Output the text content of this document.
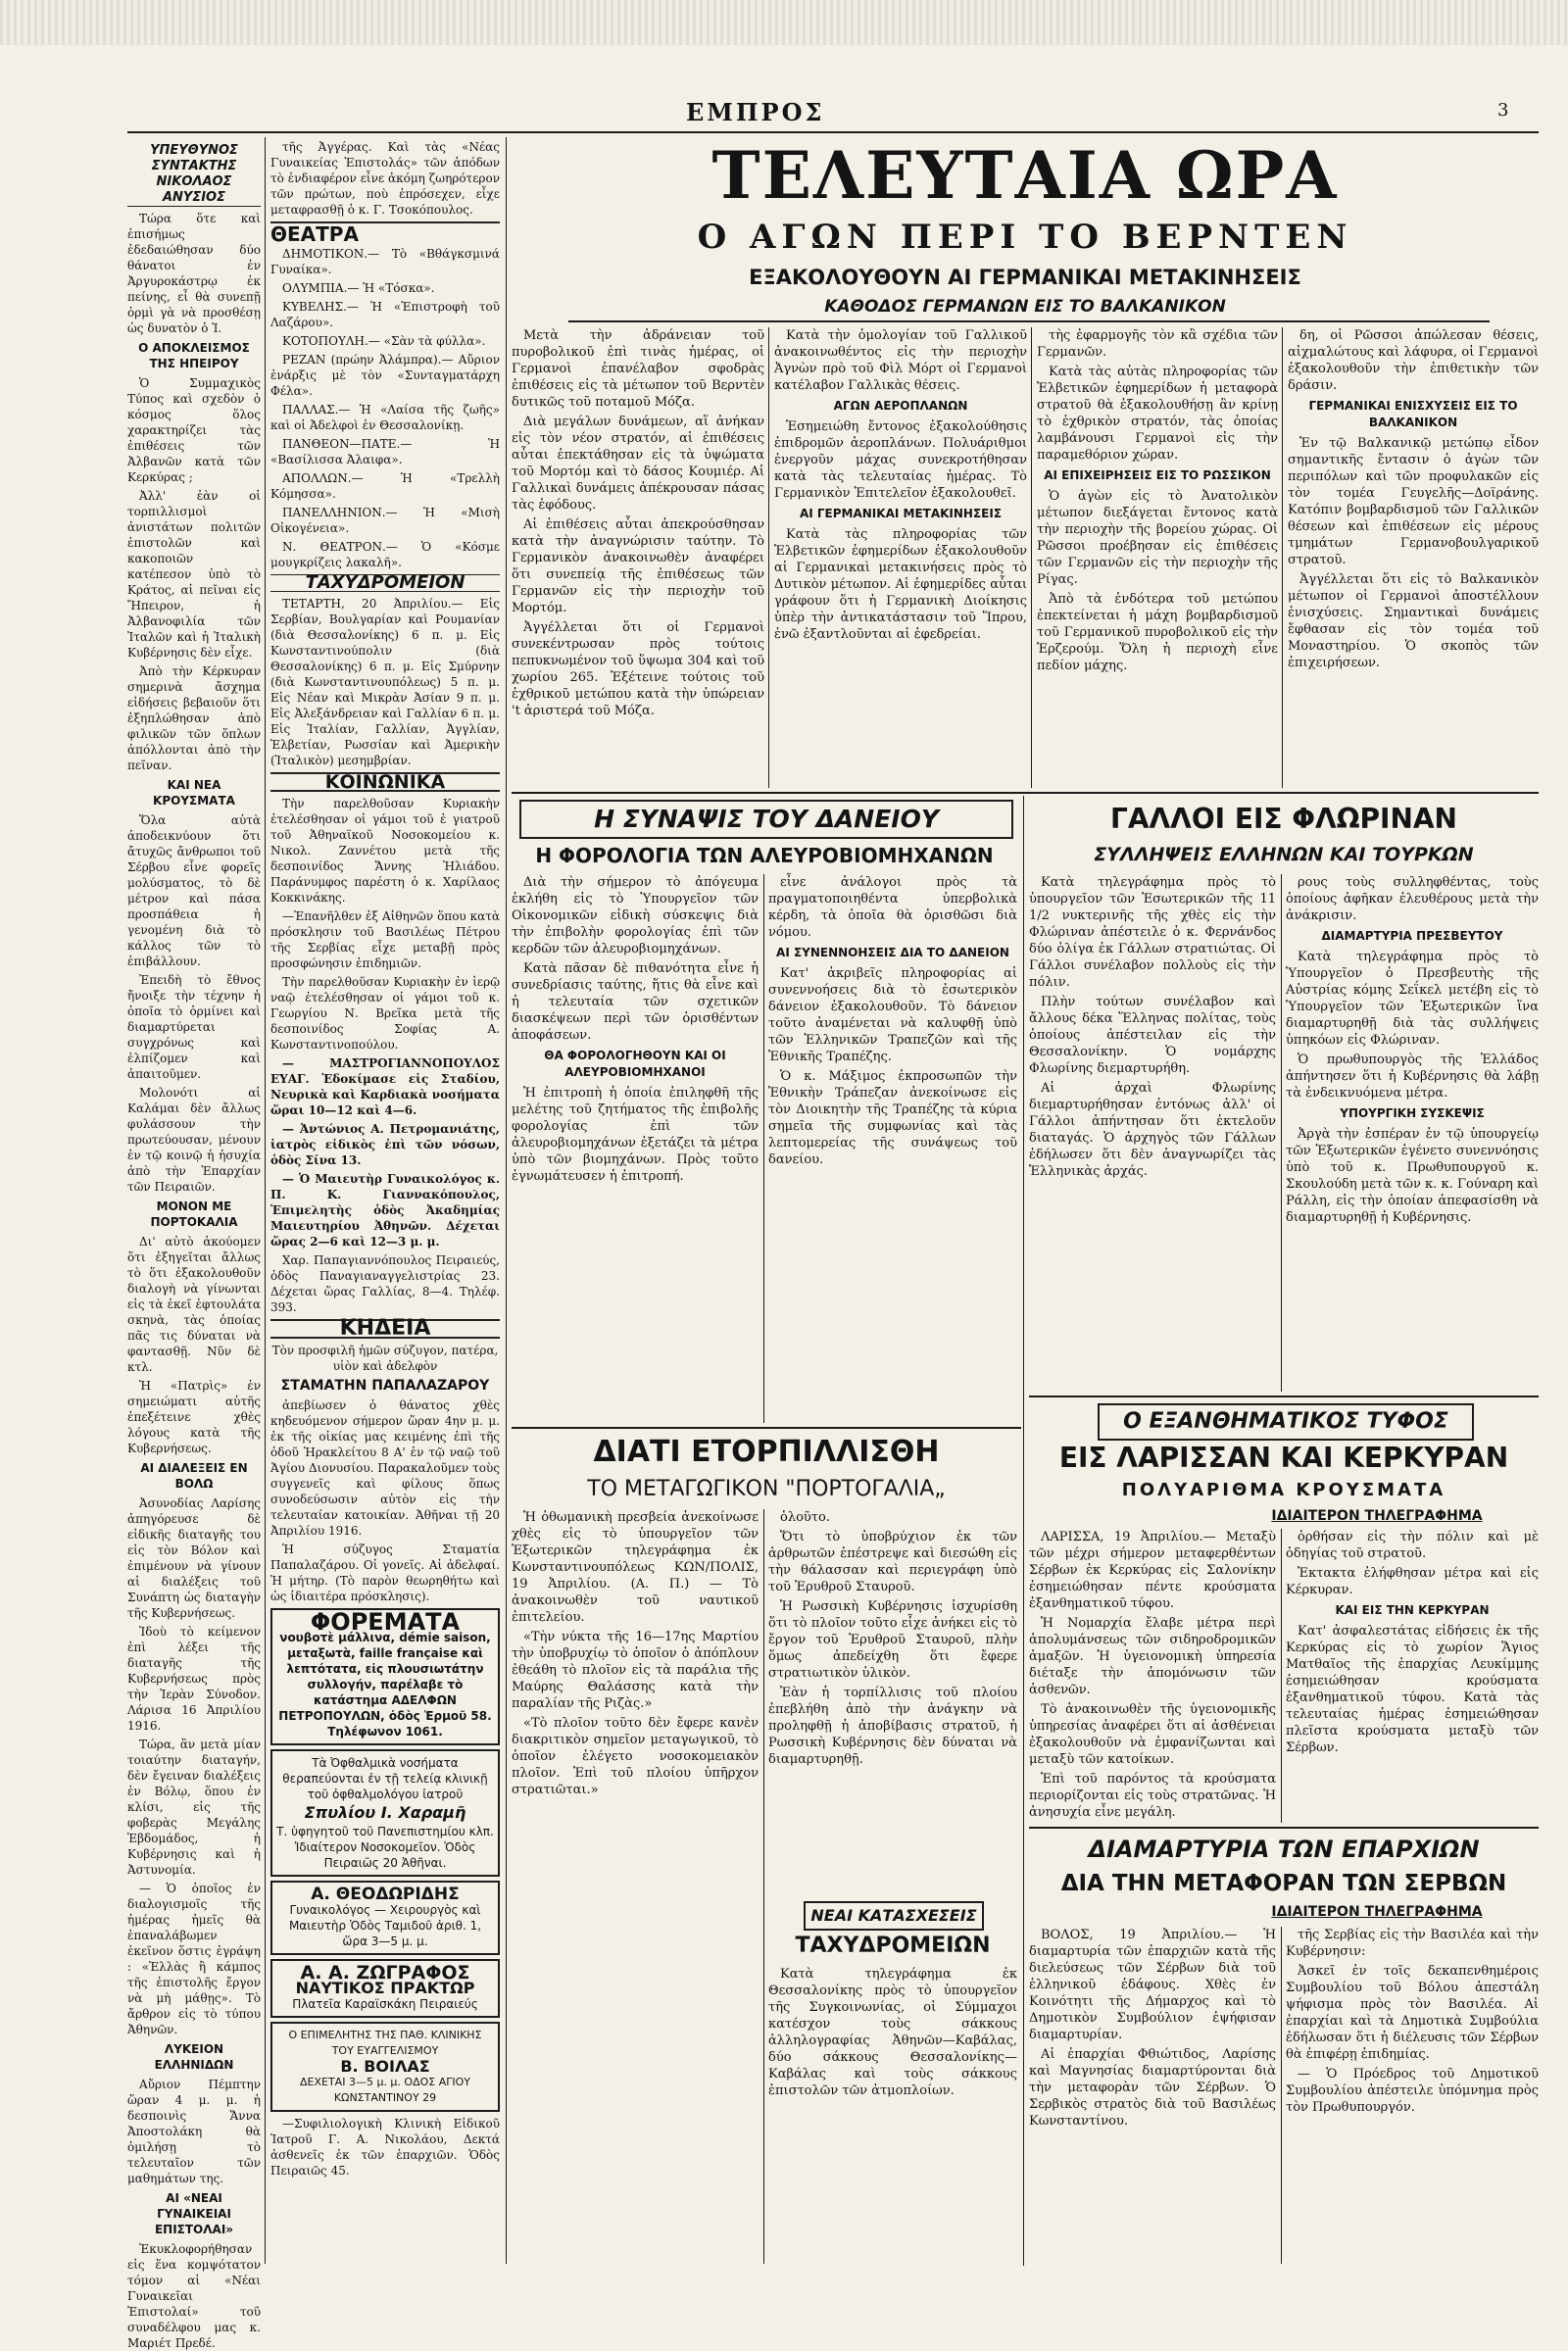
ΕΜΠΡΟΣ	3
ΥΠΕΥΘΥΝΟΣ ΣΥΝΤΑΚΤΗΣ ΝΙΚΟΛΑΟΣ ΑΝΥΣΙΟΣ

Τώρα ὅτε καὶ ἐπισήμως ἐδεδαιώθησαν δύο θάνατοι ἐν Ἀργυροκάστρῳ ἐκ πείνης, εἶ θὰ συνεπῇ ὁρμὶ γὰ νὰ προσθέσῃ ὡς δυνατὸν ὁ Ἰ.

Ο ΑΠΟΚΛΕΙΣΜΟΣ ΤΗΣ ΗΠΕΙΡΟΥ

Ὁ Συμμαχικὸς Τύπος καὶ σχεδὸν ὁ κόσμος ὅλος χαρακτηρίζει τὰς ἐπιθέσεις τῶν Ἀλβανῶν κατὰ τῶν Κερκύρας ;

Ἀλλ' ἐὰν οἱ τορπιλλισμοὶ ἀνιστάτων πολιτῶν ἐπιστολῶν καὶ κακοποιῶν κατέπεσον ὑπὸ τὸ Κράτος, αἱ πεῖναι εἰς Ἤπειρον, ἡ Ἀλβανοφιλία τῶν Ἰταλῶν καὶ ἡ Ἰταλικὴ Κυβέρνησις δὲν εἶχε.

Ἀπὸ τὴν Κέρκυραν σημερινὰ ἄσχημα εἰδήσεις βεβαιοῦν ὅτι ἐξηπλώθησαν ἀπὸ φιλικῶν τῶν ὅπλων ἀπόλλονται ἀπὸ τὴν πεῖναν.

ΚΑΙ ΝΕΑ ΚΡΟΥΣΜΑΤΑ

Ὅλα αὐτὰ ἀποδεικνύουν ὅτι ἄτυχῶς ἄνθρωποι τοῦ Σέρβου εἶνε φορεῖς μολύσματος, τὸ δὲ μέτρον καὶ πάσα προσπάθεια ἡ γενομένη διὰ τὸ κάλλος τῶν τὸ ἐπιβάλλουν.

Ἐπειδὴ τὸ ἔθνος ἤνοιξε τὴν τέχνην ἡ ὁποῖα τὸ ὁρμίνει καὶ διαμαρτύρεται συγχρόνως καὶ ἐλπίζομεν καὶ ἀπαιτοῦμεν.

Μολονότι αἱ Καλάμαι δὲν ἄλλως φυλάσσουν τὴν πρωτεύουσαν, μένουν ἐν τῷ κοινῷ ἡ ἡσυχία ἀπὸ τὴν Ἐπαρχίαν τῶν Πειραιῶν.

ΜΟΝΟΝ ΜΕ ΠΟΡΤΟΚΑΛΙΑ

Δι' αὐτὸ ἀκούομεν ὅτι ἐξηγεῖται ἄλλως τὸ ὅτι ἐξακολουθοῦν διαλογὴ νὰ γίνωνται εἰς τὰ ἐκεῖ ἐφτουλάτα σκηνὰ, τὰς ὁποίας πᾶς τις δύναται νὰ φαντασθῇ. Νῦν δὲ κτλ.

Ἡ «Πατρὶς» ἐν σημειώματι αὐτῆς ἐπεξέτεινε χθὲς λόγους κατὰ τῆς Κυβερνήσεως.

ΑΙ ΔΙΑΛΕΞΕΙΣ ΕΝ ΒΟΛΩ

Ἀσυνοδίας Λαρίσης ἀπηγόρευσε δὲ εἰδικῆς διαταγῆς του εἰς τὸν Βόλον καὶ ἐπιμένουν νὰ γίνουν αἱ διαλέξεις τοῦ Συνάπτη ὡς διαταγὴν τῆς Κυβερνήσεως.

Ἰδοὺ τὸ κείμενον ἐπὶ λέξει τῆς διαταγῆς τῆς Κυβερνήσεως πρὸς τὴν Ἱερὰν Σύνοδον. Λάρισα 16 Ἀπριλίου 1916.

Τώρα, ἂν μετὰ μίαν τοιαύτην διαταγήν, δὲν ἔγειναν διαλέξεις ἐν Βόλῳ, ὅπου ἐν κλίσι, εἰς τῆς φοβερὰς Μεγάλης Ἑβδομάδος, ἡ Κυβέρνησις καὶ ἡ Ἀστυνομία.

— Ὁ ὁποῖος ἐν διαλογισμοῖς τῆς ἡμέρας ἡμεῖς θὰ ἐπαναλάβωμεν ἐκεῖνον ὅστις ἐγράψη : «Ἑλλὰς ἢ κάμπος τῆς ἐπιστολῆς ἔργον νὰ μὴ μάθῃς». Τὸ ἄρθρον εἰς τὸ τύπου Ἀθηνῶν.

ΛΥΚΕΙΟΝ ΕΛΛΗΝΙΔΩΝ

Αὔριον Πέμπτην ὥραν 4 μ. μ. ἡ δεσποινὶς Ἄννα Ἀποστολάκη θὰ ὁμιλήσῃ τὸ τελευταῖον τῶν μαθημάτων της.

ΑΙ «ΝΕΑΙ ΓΥΝΑΙΚΕΙΑΙ ΕΠΙΣΤΟΛΑΙ»

Ἐκυκλοφορήθησαν εἰς ἕνα κομψότατον τόμον αἱ «Νέαι Γυναικεῖαι Ἐπιστολαί» τοῦ συναδέλφου μας κ. Μαριέτ Πρεδέ.

τῆς Ἀγγέρας. Καὶ τὰς «Νέας Γυναικείας Ἐπιστολάς» τῶν ἀπόδων τὸ ἐνδιαφέρον εἶνε ἀκόμη ζωηρότερον τῶν πρώτων, ποὺ ἐπρόσεχεν, εἶχε μεταφρασθῇ ὁ κ. Γ. Τσοκόπουλος.

ΘΕΑΤΡΑ

ΔΗΜΟΤΙΚΟΝ.— Τὸ «Βθάγκσμινά Γυναίκα».

ΟΛΥΜΠΙΑ.— Ἡ «Τόσκα».

ΚΥΒΕΛΗΣ.— Ἡ «Ἐπιστροφὴ τοῦ Λαζάρου».

ΚΟΤΟΠΟΥΛΗ.— «Σὰν τὰ φύλλα».

ΡΕΖΑΝ (πρώην Ἀλάμπρα).— Αὔριον ἐνάρξις μὲ τὸν «Συνταγματάρχη Φέλα».

ΠΑΛΛΑΣ.— Ἡ «Λαίσα τῆς ζωῆς» καὶ οἱ Ἀδελφοὶ ἐν Θεσσαλονίκῃ.

ΠΑΝΘΕΟΝ—ΠΑΤΕ.— Ἡ «Βασίλισσα Ἀλαιφα».

ΑΠΟΛΛΩΝ.— Ἡ «Τρελλὴ Κόμησσα».

ΠΑΝΕΛΛΗΝΙΟΝ.— Ἡ «Μισὴ Οἰκογένεια».

Ν. ΘΕΑΤΡΟΝ.— Ὁ «Κόσμε μουγκρίζεις λακαλῆ».

ΤΑΧΥΔΡΟΜΕΙΟΝ

ΤΕΤΑΡΤΗ, 20 Ἀπριλίου.— Εἰς Σερβίαν, Βουλγαρίαν καὶ Ρουμανίαν (διὰ Θεσσαλονίκης) 6 π. μ. Εἰς Κωνσταντινούπολιν (διὰ Θεσσαλονίκης) 6 π. μ. Εἰς Σμύρνην (διὰ Κωνσταντινουπόλεως) 5 π. μ. Εἰς Νέαν καὶ Μικρὰν Ἀσίαν 9 π. μ. Εἰς Ἀλεξάνδρειαν καὶ Γαλλίαν 6 π. μ. Εἰς Ἰταλίαν, Γαλλίαν, Ἀγγλίαν, Ἑλβετίαν, Ρωσσίαν καὶ Ἀμερικὴν (Ἰταλικὸν) μεσημβρίαν.

ΚΟΙΝΩΝΙΚΑ

Τὴν παρελθοῦσαν Κυριακὴν ἐτελέσθησαν οἱ γάμοι τοῦ ἐ γιατροῦ τοῦ Ἀθηναϊκοῦ Νοσοκομείου κ. Νικολ. Ζαννέτου μετὰ τῆς δεσποινίδος Ἄννης Ἠλιάδου. Παράνυμφος παρέστη ὁ κ. Χαρίλαος Κοκκινάκης.

—Ἐπανῆλθεν ἐξ Αἰθηνῶν ὅπου κατὰ πρόσκλησιν τοῦ Βασιλέως Πέτρου τῆς Σερβίας εἶχε μεταβῇ πρὸς προσφώνησιν ἐπιδημιῶν.

Τὴν παρελθοῦσαν Κυριακὴν ἐν ἱερῷ ναῷ ἐτελέσθησαν οἱ γάμοι τοῦ κ. Γεωργίου Ν. Βρεῖκα μετὰ τῆς δεσποινίδος Σοφίας Α. Κωνσταντινοπούλου.

— ΜΑΣΤΡΟΓΙΑΝΝΟΠΟΥΛΟΣ ΕΥΑΓ. Ἑδοκίμασε εἰς Σταδίου, Νευρικὰ καὶ Καρδιακὰ νοσήματα ὥραι 10—12 καὶ 4—6.

— Ἀντώνιος Α. Πετρομανιάτης, ἰατρὸς εἰδικὸς ἐπὶ τῶν νόσων, ὁδὸς Σίνα 13.

— Ὁ Μαιευτὴρ Γυναικολόγος κ. Π. Κ. Γιαννακόπουλος, Ἐπιμελητὴς ὁδὸς Ἀκαδημίας Μαιευτηρίου Ἀθηνῶν. Δέχεται ὥρας 2—6 καὶ 12—3 μ. μ.

Χαρ. Παπαγιαννόπουλος Πειραιεύς, ὁδὸς Παναγιαναγγελιστρίας 23. Δέχεται ὥρας Γαλλίας, 8—4. Τηλέφ. 393.

ΚΗΔΕΙΑ

Τὸν προσφιλῆ ἡμῶν σύζυγον, πατέρα, υἱὸν καὶ ἀδελφὸν

ΣΤΑΜΑΤΗΝ ΠΑΠΑΛΑΖΑΡΟΥ

ἀπεβίωσεν ὁ θάνατος χθὲς κηδευόμενον σήμερον ὥραν 4ην μ. μ. ἐκ τῆς οἰκίας μας κειμένης ἐπὶ τῆς ὁδοῦ Ἡρακλείτου 8 Α' ἐν τῷ ναῷ τοῦ Ἁγίου Διονυσίου. Παρακαλοῦμεν τοὺς συγγενεῖς καὶ φίλους ὅπως συνοδεύσωσιν αὐτὸν εἰς τὴν τελευταίαν κατοικίαν. Ἀθῆναι τῇ 20 Ἀπριλίου 1916.

Ἡ σύζυγος Σταματία Παπαλαζάρου. Οἱ γονεῖς. Αἱ ἀδελφαί. Ἡ μήτηρ. (Τὸ παρὸν θεωρηθήτω καὶ ὡς ἰδιαιτέρα πρόσκλησις).

ΦΟΡΕΜΑΤΑ
νουβοτὲ μάλλινα, démie saison, μεταξωτὰ, faille française καὶ λεπτότατα, εἰς πλουσιωτάτην συλλογήν, παρέλαβε τὸ κατάστημα ΑΔΕΛΦΩΝ ΠΕΤΡΟΠΟΥΛΩΝ, ὁδὸς Ἑρμοῦ 58. Τηλέφωνον 1061.
Τὰ Ὀφθαλμικὰ νοσήματα θεραπεύονται ἐν τῇ τελείᾳ κλινικῇ τοῦ ὀφθαλμολόγου ἰατροῦ
Σπυλίου Ι. Χαραμῆ
Τ. ὑφηγητοῦ τοῦ Πανεπιστημίου κλπ. Ἰδιαίτερον Νοσοκομεῖον. Ὁδὸς Πειραιῶς 20 Ἀθῆναι.
Α. ΘΕΟΔΩΡΙΔΗΣ
Γυναικολόγος — Χειρουργὸς καὶ Μαιευτὴρ Ὁδὸς Ταμιδοῦ ἀριθ. 1, ὥρα 3—5 μ. μ.
Α. Α. ΖΩΓΡΑΦΟΣ
ΝΑΥΤΙΚΟΣ ΠΡΑΚΤΩΡ
Πλατεῖα Καραϊσκάκη Πειραιεύς
Ο ΕΠΙΜΕΛΗΤΗΣ ΤΗΣ ΠΑΘ. ΚΛΙΝΙΚΗΣ ΤΟΥ ΕΥΑΓΓΕΛΙΣΜΟΥ
Β. ΒΟΙΛΑΣ
ΔΕΧΕΤΑΙ 3—5 μ. μ. ΟΔΟΣ ΑΓΙΟΥ ΚΩΝΣΤΑΝΤΙΝΟΥ 29

—Συφιλιολογικὴ Κλινικὴ Εἰδικοῦ Ἰατροῦ Γ. Α. Νικολάου, Δεκτά ἀσθενεῖς ἐκ τῶν ἐπαρχιῶν. Ὁδὸς Πειραιῶς 45.

ΤΕΛΕΥΤΑΙΑ ΩΡΑ
Ο ΑΓΩΝ ΠΕΡΙ ΤΟ ΒΕΡΝΤΕΝ
ΕΞΑΚΟΛΟΥΘΟΥΝ ΑΙ ΓΕΡΜΑΝΙΚΑΙ ΜΕΤΑΚΙΝΗΣΕΙΣ
ΚΑΘΟΔΟΣ ΓΕΡΜΑΝΩΝ ΕΙΣ ΤΟ ΒΑΛΚΑΝΙΚΟΝ

Μετὰ τὴν ἀδράνειαν τοῦ πυροβολικοῦ ἐπὶ τινὰς ἡμέρας, οἱ Γερμανοὶ ἐπανέλαβον σφοδρὰς ἐπιθέσεις εἰς τὰ μέτωπον τοῦ Βερντὲν δυτικῶς τοῦ ποταμοῦ Μόζα.

Διὰ μεγάλων δυνάμεων, αἵ ἀνήκαν εἰς τὸν νέον στρατόν, αἱ ἐπιθέσεις αὗται ἐπεκτάθησαν εἰς τὰ ὑψώματα τοῦ Μορτόμ καὶ τὸ δάσος Κουμιέρ. Αἱ Γαλλικαὶ δυνάμεις ἀπέκρουσαν πάσας τὰς ἐφόδους.

Αἱ ἐπιθέσεις αὗται ἀπεκρούσθησαν κατὰ τὴν ἀναγνώρισιν ταύτην. Τὸ Γερμανικὸν ἀνακοινωθὲν ἀναφέρει ὅτι συνεπείᾳ τῆς ἐπιθέσεως τῶν Γερμανῶν εἰς τὴν περιοχὴν τοῦ Μορτόμ.

Ἀγγέλλεται ὅτι οἱ Γερμανοὶ συνεκέντρωσαν πρὸς τούτοις πεπυκνωμένον τοῦ ὕψωμα 304 καὶ τοῦ χωρίου 265. Ἐξέτεινε τούτοις τοῦ ἐχθρικοῦ μετώπου κατὰ τὴν ὑπώρειαν 't ἀριστερά τοῦ Μόζα.

Κατὰ τὴν ὁμολογίαν τοῦ Γαλλικοῦ ἀνακοινωθέντος εἰς τὴν περιοχὴν Ἀγνὼν πρὸ τοῦ Φὶλ Μόρτ οἱ Γερμανοὶ κατέλαβον Γαλλικὰς θέσεις.

ΑΓΩΝ ΑΕΡΟΠΛΑΝΩΝ

Ἐσημειώθη ἔντονος ἐξακολούθησις ἐπιδρομῶν ἀεροπλάνων. Πολυάριθμοι ἐνεργοῦν μάχας συνεκροτήθησαν κατὰ τὰς τελευταίας ἡμέρας. Τὸ Γερμανικὸν Ἐπιτελεῖον ἐξακολουθεῖ.

ΑΙ ΓΕΡΜΑΝΙΚΑΙ ΜΕΤΑΚΙΝΗΣΕΙΣ

Κατὰ τὰς πληροφορίας τῶν Ἑλβετικῶν ἐφημερίδων ἐξακολουθοῦν αἱ Γερμανικαὶ μετακινήσεις πρὸς τὸ Δυτικὸν μέτωπον. Αἱ ἐφημερίδες αὗται γράφουν ὅτι ἡ Γερμανικὴ Διοίκησις ὑπὲρ τὴν ἀντικατάστασιν τοῦ Ἵπρου, ἐνῶ ἐξαντλοῦνται αἱ ἐφεδρείαι.

τὴς ἐφαρμογῆς τὸν κἂ σχέδια τῶν Γερμανῶν.

Κατὰ τὰς αὐτὰς πληροφορίας τῶν Ἑλβετικῶν ἐφημερίδων ἡ μεταφορὰ στρατοῦ θὰ ἐξακολουθήσῃ ἂν κρίνῃ τὸ ἐχθρικὸν στρατόν, τὰς ὁποίας λαμβάνουσι Γερμανοὶ εἰς τὴν παραμεθόριον χώραν.

ΑΙ ΕΠΙΧΕΙΡΗΣΕΙΣ ΕΙΣ ΤΟ ΡΩΣΣΙΚΟΝ

Ὁ ἀγὼν εἰς τὸ Ἀνατολικὸν μέτωπον διεξάγεται ἔντονος κατὰ τὴν περιοχὴν τῆς βορείου χώρας. Οἱ Ρῶσσοι προέβησαν εἰς ἐπιθέσεις τῶν Γερμανῶν εἰς τὴν περιοχὴν τῆς Ρίγας.

Ἀπὸ τὰ ἐνδότερα τοῦ μετώπου ἐπεκτείνεται ἡ μάχη βομβαρδισμοῦ τοῦ Γερμανικοῦ πυροβολικοῦ εἰς τὴν Ἐρζερούμ. Ὅλη ἡ περιοχὴ εἶνε πεδίον μάχης.

δη, οἱ Ρῶσσοι ἀπώλεσαν θέσεις, αἰχμαλώτους καὶ λάφυρα, οἱ Γερμανοὶ ἐξακολουθοῦν τὴν ἐπιθετικὴν τῶν δράσιν.

ΓΕΡΜΑΝΙΚΑΙ ΕΝΙΣΧΥΣΕΙΣ ΕΙΣ ΤΟ ΒΑΛΚΑΝΙΚΟΝ

Ἐν τῷ Βαλκανικῷ μετώπῳ εἶδον σημαντικῆς ἔντασιν ὁ ἀγὼν τῶν περιπόλων καὶ τῶν προφυλακῶν εἰς τὸν τομέα Γευγελῆς—Δοϊράνης. Κατόπιν βομβαρδισμοῦ τῶν Γαλλικῶν θέσεων καὶ ἐπιθέσεων εἰς μέρους τμημάτων Γερμανοβουλγαρικοῦ στρατοῦ.

Ἀγγέλλεται ὅτι εἰς τὸ Βαλκανικὸν μέτωπον οἱ Γερμανοὶ ἀποστέλλουν ἐνισχύσεις. Σημαντικαὶ δυνάμεις ἔφθασαν εἰς τὸν τομέα τοῦ Μοναστηρίου. Ὁ σκοπὸς τῶν ἐπιχειρήσεων.

Η ΣΥΝΑΨΙΣ ΤΟΥ ΔΑΝΕΙΟΥ
Η ΦΟΡΟΛΟΓΙΑ ΤΩΝ ΑΛΕΥΡΟΒΙΟΜΗΧΑΝΩΝ

Διὰ τὴν σήμερον τὸ ἀπόγευμα ἐκλήθη εἰς τὸ Ὑπουργεῖον τῶν Οἰκονομικῶν εἰδικὴ σύσκεψις διὰ τὴν ἐπιβολὴν φορολογίας ἐπὶ τῶν κερδῶν τῶν ἀλευροβιομηχάνων.

Κατὰ πᾶσαν δὲ πιθανότητα εἶνε ἡ συνεδρίασις ταύτης, ἥτις θὰ εἶνε καὶ ἡ τελευταία τῶν σχετικῶν διασκέψεων περὶ τῶν ὁρισθέντων ἀποφάσεων.

ΘΑ ΦΟΡΟΛΟΓΗΘΟΥΝ ΚΑΙ ΟΙ ΑΛΕΥΡΟΒΙΟΜΗΧΑΝΟΙ

Ἡ ἐπιτροπὴ ἡ ὁποία ἐπιληφθῆ τῆς μελέτης τοῦ ζητήματος τῆς ἐπιβολῆς φορολογίας ἐπὶ τῶν ἀλευροβιομηχάνων ἐξετάζει τὰ μέτρα ὑπὸ τῶν βιομηχάνων. Πρὸς τοῦτο ἐγνωμάτευσεν ἡ ἐπιτροπή.

εἶνε ἀνάλογοι πρὸς τὰ πραγματοποιηθέντα ὑπερβολικὰ κέρδη, τὰ ὁποῖα θὰ ὁρισθῶσι διὰ νόμου.

ΑΙ ΣΥΝΕΝΝΟΗΣΕΙΣ ΔΙΑ ΤΟ ΔΑΝΕΙΟΝ

Κατ' ἀκριβεῖς πληροφορίας αἱ συνεννοήσεις διὰ τὸ ἐσωτερικὸν δάνειον ἐξακολουθοῦν. Τὸ δάνειον τοῦτο ἀναμένεται νὰ καλυφθῇ ὑπὸ τῶν Ἑλληνικῶν Τραπεζῶν καὶ τῆς Ἐθνικῆς Τραπέζης.

Ὁ κ. Μάξιμος ἐκπροσωπῶν τὴν Ἐθνικὴν Τράπεζαν ἀνεκοίνωσε εἰς τὸν Διοικητὴν τῆς Τραπέζης τὰ κύρια σημεῖα τῆς συμφωνίας καὶ τὰς λεπτομερείας τῆς συνάψεως τοῦ δανείου.

ΓΑΛΛΟΙ ΕΙΣ ΦΛΩΡΙΝΑΝ
ΣΥΛΛΗΨΕΙΣ ΕΛΛΗΝΩΝ ΚΑΙ ΤΟΥΡΚΩΝ

Κατὰ τηλεγράφημα πρὸς τὸ ὑπουργεῖον τῶν Ἐσωτερικῶν τῆς 11 1/2 νυκτερινῆς τῆς χθὲς εἰς τὴν Φλώριναν ἀπέστειλε ὁ κ. Φερνάνδος δύο ὀλίγα ἐκ Γάλλων στρατιώτας. Οἱ Γάλλοι συνέλαβον πολλοὺς εἰς τὴν πόλιν.

Πλὴν τούτων συνέλαβον καὶ ἄλλους δέκα Ἕλληνας πολίτας, τοὺς ὁποίους ἀπέστειλαν εἰς τὴν Θεσσαλονίκην. Ὁ νομάρχης Φλωρίνης διεμαρτυρήθη.

Αἱ ἀρχαὶ Φλωρίνης διεμαρτυρήθησαν ἐντόνως ἀλλ' οἱ Γάλλοι ἀπήντησαν ὅτι ἐκτελοῦν διαταγάς. Ὁ ἀρχηγὸς τῶν Γάλλων ἐδήλωσεν ὅτι δὲν ἀναγνωρίζει τὰς Ἑλληνικὰς ἀρχάς.

ρους τοὺς συλληφθέντας, τοὺς ὁποίους ἀφῆκαν ἐλευθέρους μετὰ τὴν ἀνάκρισιν.

ΔΙΑΜΑΡΤΥΡΙΑ ΠΡΕΣΒΕΥΤΟΥ

Κατὰ τηλεγράφημα πρὸς τὸ Ὑπουργεῖον ὁ Πρεσβευτὴς τῆς Αὐστρίας κόμης Σεΐκελ μετέβη εἰς τὸ Ὑπουργεῖον τῶν Ἐξωτερικῶν ἵνα διαμαρτυρηθῇ διὰ τὰς συλλήψεις ὑπηκόων εἰς Φλώριναν.

Ὁ πρωθυπουργὸς τῆς Ἑλλάδος ἀπήντησεν ὅτι ἡ Κυβέρνησις θὰ λάβῃ τὰ ἐνδεικνυόμενα μέτρα.

ΥΠΟΥΡΓΙΚΗ ΣΥΣΚΕΨΙΣ

Ἀργὰ τὴν ἑσπέραν ἐν τῷ ὑπουργείῳ τῶν Ἐξωτερικῶν ἐγένετο συνεννόησις ὑπὸ τοῦ κ. Πρωθυπουργοῦ κ. Σκουλούδη μετὰ τῶν κ. κ. Γούναρη καὶ Ράλλη, εἰς τὴν ὁποίαν ἀπεφασίσθη νὰ διαμαρτυρηθῇ ἡ Κυβέρνησις.

ΔΙΑΤΙ ΕΤΟΡΠΙΛΛΙΣΘΗ
ΤΟ ΜΕΤΑΓΩΓΙΚΟΝ "ΠΟΡΤΟΓΑΛΙΑ„

Ἡ ὀθωμανικὴ πρεσβεία ἀνεκοίνωσε χθὲς εἰς τὸ ὑπουργεῖον τῶν Ἐξωτερικῶν τηλεγράφημα ἐκ Κωνσταντινουπόλεως ΚΩΝ/ΠΟΛΙΣ, 19 Ἀπριλίου. (Α. Π.) — Τὸ ἀνακοινωθὲν τοῦ ναυτικοῦ ἐπιτελείου.

«Τὴν νύκτα τῆς 16—17ης Μαρτίου τὴν ὑποβρυχίῳ τὸ ὁποῖον ὁ ἀπόπλουν ἐθεάθη τὸ πλοῖον εἰς τὰ παράλια τῆς Μαύρης Θαλάσσης κατὰ τὴν παραλίαν τῆς Ριζὰς.»

«Τὸ πλοῖον τοῦτο δὲν ἔφερε κανὲν διακριτικὸν σημεῖον μεταγωγικοῦ, τὸ ὁποῖον ἐλέγετο νοσοκομειακὸν πλοῖον. Ἐπὶ τοῦ πλοίου ὑπῆρχον στρατιῶται.»

ὁλοῦτο.

Ὅτι τὸ ὑποβρύχιον ἐκ τῶν ἀρθρωτῶν ἐπέστρεψε καὶ διεσώθη εἰς τὴν θάλασσαν καὶ περιεγράφη ὑπὸ τοῦ Ἐρυθροῦ Σταυροῦ.

Ἡ Ρωσσικὴ Κυβέρνησις ἰσχυρίσθη ὅτι τὸ πλοῖον τοῦτο εἶχε ἀνήκει εἰς τὸ ἔργον τοῦ Ἐρυθροῦ Σταυροῦ, πλὴν ὅμως ἀπεδείχθη ὅτι ἔφερε στρατιωτικὸν ὑλικὸν.

Ἐὰν ἡ τορπίλλισις τοῦ πλοίου ἐπεβλήθη ἀπὸ τὴν ἀνάγκην νὰ προληφθῇ ἡ ἀποβίβασις στρατοῦ, ἡ Ρωσσικὴ Κυβέρνησις δὲν δύναται νὰ διαμαρτυρηθῇ.

ΝΕΑΙ ΚΑΤΑΣΧΕΣΕΙΣ
ΤΑΧΥΔΡΟΜΕΙΩΝ

Κατὰ τηλεγράφημα ἐκ Θεσσαλονίκης πρὸς τὸ ὑπουργεῖον τῆς Συγκοινωνίας, οἱ Σύμμαχοι κατέσχον τοὺς σάκκους ἀλληλογραφίας Ἀθηνῶν—Καβάλας, δύο σάκκους Θεσσαλονίκης—Καβάλας καὶ τοὺς σάκκους ἐπιστολῶν τῶν ἀτμοπλοίων.

Ο ΕΞΑΝΘΗΜΑΤΙΚΟΣ ΤΥΦΟΣ
ΕΙΣ ΛΑΡΙΣΣΑΝ ΚΑΙ ΚΕΡΚΥΡΑΝ
ΠΟΛΥΑΡΙΘΜΑ ΚΡΟΥΣΜΑΤΑ
ΙΔΙΑΙΤΕΡΟΝ ΤΗΛΕΓΡΑΦΗΜΑ

ΛΑΡΙΣΣΑ, 19 Ἀπριλίου.— Μεταξὺ τῶν μέχρι σήμερον μεταφερθέντων Σέρβων ἐκ Κερκύρας εἰς Σαλονίκην ἐσημειώθησαν πέντε κρούσματα ἐξανθηματικοῦ τύφου.

Ἡ Νομαρχία ἔλαβε μέτρα περὶ ἀπολυμάνσεως τῶν σιδηροδρομικῶν ἁμαξῶν. Ἡ ὑγειονομικὴ ὑπηρεσία διέταξε τὴν ἀπομόνωσιν τῶν ἀσθενῶν.

Τὸ ἀνακοινωθὲν τῆς ὑγειονομικῆς ὑπηρεσίας ἀναφέρει ὅτι αἱ ἀσθένειαι ἐξακολουθοῦν νὰ ἐμφανίζωνται καὶ μεταξὺ τῶν κατοίκων.

Ἐπὶ τοῦ παρόντος τὰ κρούσματα περιορίζονται εἰς τοὺς στρατῶνας. Ἡ ἀνησυχία εἶνε μεγάλη.

ὁρθήσαν εἰς τὴν πόλιν καὶ μὲ ὁδηγίας τοῦ στρατοῦ.

Ἐκτακτα ἐλήφθησαν μέτρα καὶ εἰς Κέρκυραν.

ΚΑΙ ΕΙΣ ΤΗΝ ΚΕΡΚΥΡΑΝ

Κατ' ἀσφαλεστάτας εἰδήσεις ἐκ τῆς Κερκύρας εἰς τὸ χωρίον Ἅγιος Ματθαῖος τῆς ἐπαρχίας Λευκίμμης ἐσημειώθησαν κρούσματα ἐξανθηματικοῦ τύφου. Κατὰ τὰς τελευταίας ἡμέρας ἐσημειώθησαν πλεῖστα κρούσματα μεταξὺ τῶν Σέρβων.

ΔΙΑΜΑΡΤΥΡΙΑ ΤΩΝ ΕΠΑΡΧΙΩΝ
ΔΙΑ ΤΗΝ ΜΕΤΑΦΟΡΑΝ ΤΩΝ ΣΕΡΒΩΝ
ΙΔΙΑΙΤΕΡΟΝ ΤΗΛΕΓΡΑΦΗΜΑ

ΒΟΛΟΣ, 19 Ἀπριλίου.— Ἡ διαμαρτυρία τῶν ἐπαρχιῶν κατὰ τῆς διελεύσεως τῶν Σέρβων διὰ τοῦ ἑλληνικοῦ ἐδάφους. Χθὲς ἐν Κοινότητι τῆς Δήμαρχος καὶ τὸ Δημοτικὸν Συμβούλιον ἐψήφισαν διαμαρτυρίαν.

Αἱ ἐπαρχίαι Φθιώτιδος, Λαρίσης καὶ Μαγνησίας διαμαρτύρονται διὰ τὴν μεταφορὰν τῶν Σέρβων. Ὁ Σερβικὸς στρατὸς διὰ τοῦ Βασιλέως Κωνσταντίνου.

τῆς Σερβίας εἰς τὴν Βασιλέα καὶ τὴν Κυβέρνησιν:

Ἀσκεῖ ἐν τοῖς δεκαπενθημέροις Συμβουλίου τοῦ Βόλου ἀπεστάλη ψήφισμα πρὸς τὸν Βασιλέα. Αἱ ἐπαρχίαι καὶ τὰ Δημοτικὰ Συμβούλια ἐδήλωσαν ὅτι ἡ διέλευσις τῶν Σέρβων θὰ ἐπιφέρῃ ἐπιδημίας.

— Ὁ Πρόεδρος τοῦ Δημοτικοῦ Συμβουλίου ἀπέστειλε ὑπόμνημα πρὸς τὸν Πρωθυπουργόν.
